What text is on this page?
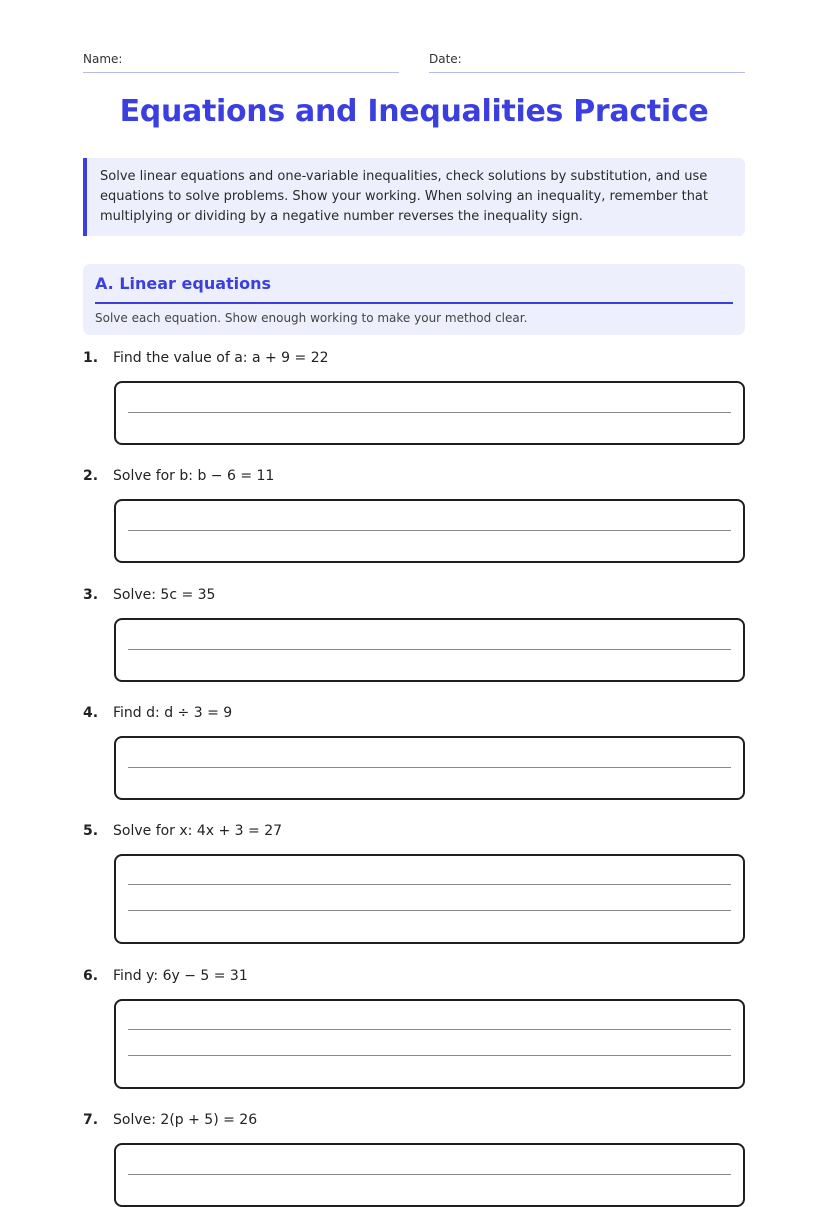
Name:	Date:
Equations and Inequalities Practice
Solve linear equations and one-variable inequalities, check solutions by substitution, and use equations to solve problems. Show your working. When solving an inequality, remember that multiplying or dividing by a negative number reverses the inequality sign.
A. Linear equations
Solve each equation. Show enough working to make your method clear.
1. Find the value of a: a + 9 = 22
2. Solve for b: b − 6 = 11
3. Solve: 5c = 35
4. Find d: d ÷ 3 = 9
5. Solve for x: 4x + 3 = 27
6. Find y: 6y − 5 = 31
7. Solve: 2(p + 5) = 26
